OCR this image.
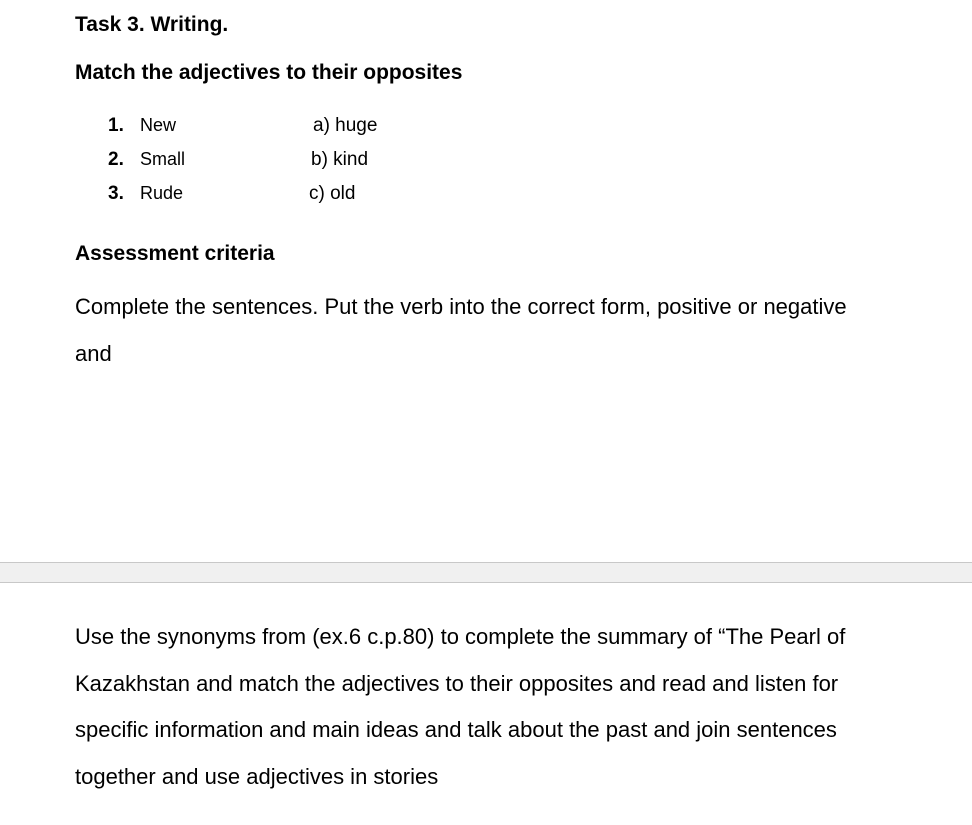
Task 3. Writing.
Match the adjectives to their opposites
1. New
2. Small
3. Rude
a) huge
b) kind
c) old
Assessment criteria
Complete the sentences. Put the verb into the correct form, positive or negative
and
Use the synonyms from (ex.6 c.p.80) to complete the summary of “The Pearl of
Kazakhstan and match the adjectives to their opposites and read and listen for
specific information and main ideas and talk about the past and join sentences
together and use adjectives in stories
